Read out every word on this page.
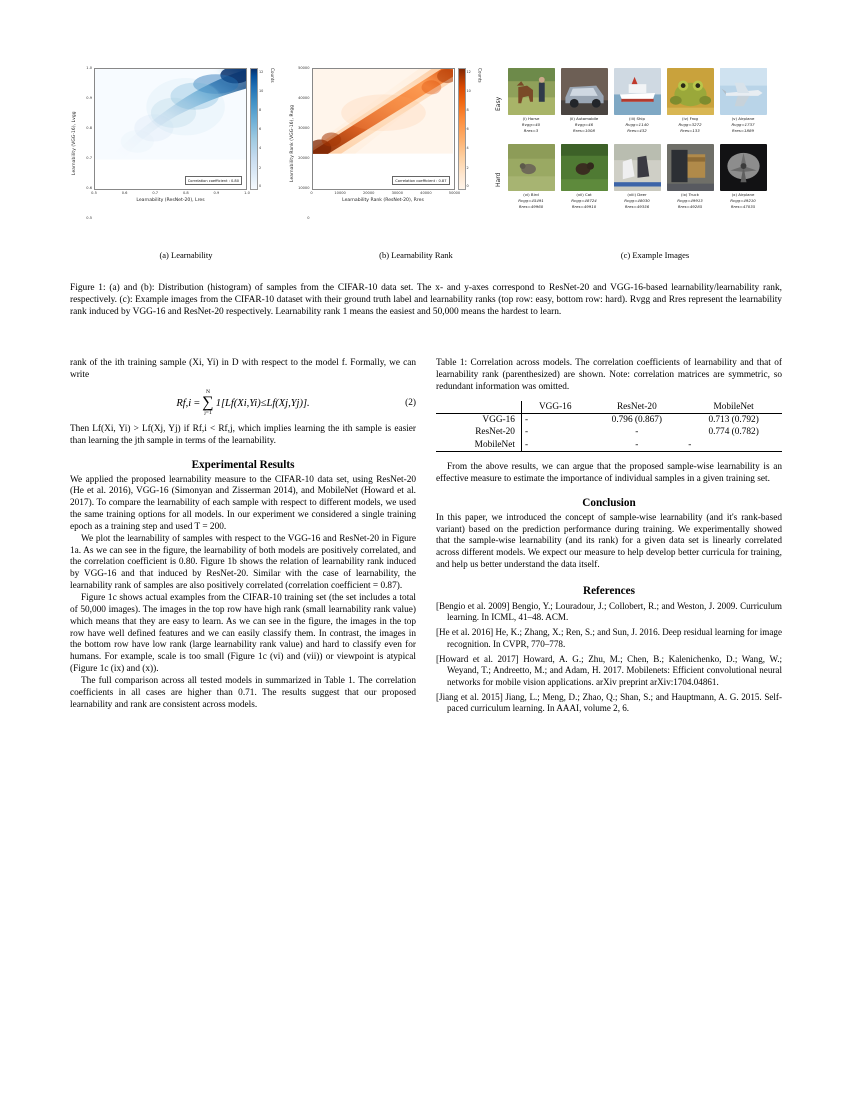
Learnability (VGG-16), Lvgg
1.0
0.9
0.8
0.7
0.6
0.5
Correlation coefficient : 0.80
0.5	0.6	0.7	0.8	0.9	1.0
Learnability (ResNet-20), Lres
12
10
8
6
4
2
0
Counts
Learnability Rank (VGG-16), Rvgg
50000
40000
30000
20000
10000
0
Correlation coefficient : 0.87
0	10000	20000	30000	40000	50000
Learnability Rank (ResNet-20), Rres
12
10
8
6
4
2
0
Counts
Easy
Hard
(i) Horse
Rvgg=40
Rres=3
(ii) Automobile
Rvgg=46
Rres=1008
(iii) Ship
Rvgg=1140
Rres=432
(iv) Frog
Rvgg=3272
Rres=133
(v) Airplane
Rvgg=1737
Rres=1889
(vi) Bird
Rvgg=45491
Rres=49960
(vii) Cat
Rvgg=48724
Rres=49910
(viii) Deer
Rvgg=48030
Rres=49356
(ix) Truck
Rvgg=49913
Rres=49285
(x) Airplane
Rvgg=49210
Rres=47035
(a) Learnability	(b) Learnability Rank	(c) Example Images
Figure 1: (a) and (b): Distribution (histogram) of samples from the CIFAR-10 data set. The x- and y-axes correspond to ResNet-20 and VGG-16-based learnability/learnability rank, respectively. (c): Example images from the CIFAR-10 dataset with their ground truth label and learnability ranks (top row: easy, bottom row: hard). Rvgg and Rres represent the learnability rank induced by VGG-16 and ResNet-20 respectively. Learnability rank 1 means the easiest and 50,000 means the hardest to learn.

rank of the ith training sample (Xi, Yi) in D with respect to the model f. Formally, we can write

Rf,i =
N
∑
j=1
1[Lf(Xi,Yi)≤Lf(Xj,Yj)].	(2)

Then Lf(Xi, Yi) > Lf(Xj, Yj) if Rf,i < Rf,j, which implies learning the ith sample is easier than learning the jth sample in terms of the learnability.

Experimental Results

We applied the proposed learnability measure to the CIFAR-10 data set, using ResNet-20 (He et al. 2016), VGG-16 (Simonyan and Zisserman 2014), and MobileNet (Howard et al. 2017). To compare the learnability of each sample with respect to different models, we used the same training options for all models. In our experiment we considered a single training epoch as a training step and used T = 200.

We plot the learnability of samples with respect to the VGG-16 and ResNet-20 in Figure 1a. As we can see in the figure, the learnability of both models are positively correlated, and the correlation coefficient is 0.80. Figure 1b shows the relation of learnability rank induced by VGG-16 and that induced by ResNet-20. Similar with the case of learnability, the learnability rank of samples are also positively correlated (correlation coefficient = 0.87).

Figure 1c shows actual examples from the CIFAR-10 training set (the set includes a total of 50,000 images). The images in the top row have high rank (small learnability rank value) which means that they are easy to learn. As we can see in the figure, the images in the top row have well defined features and we can easily classify them. In contrast, the images in the bottom row have low rank (large learnability rank value) and hard to classify even for humans. For example, scale is too small (Figure 1c (vi) and (vii)) or viewpoint is atypical (Figure 1c (ix) and (x)).

The full comparison across all tested models in summarized in Table 1. The correlation coefficients in all cases are higher than 0.71. The results suggest that our proposed learnability and rank are consistent across models.

Table 1: Correlation across models. The correlation coefficients of learnability and that of learnability rank (parenthesized) are shown. Note: correlation matrices are symmetric, so redundant information was omitted.

	VGG-16	ResNet-20	MobileNet
VGG-16	-	0.796 (0.867)	0.713 (0.792)
ResNet-20	-	-	0.774 (0.782)
MobileNet	-	-	-

From the above results, we can argue that the proposed sample-wise learnability is an effective measure to estimate the importance of individual samples in a given training set.

Conclusion

In this paper, we introduced the concept of sample-wise learnability (and it's rank-based variant) based on the prediction performance during training. We experimentally showed that the sample-wise learnability (and its rank) for a given data set is linearly correlated across different models. We expect our measure to help develop better curricula for training, and help us better understand the data itself.

References

[Bengio et al. 2009] Bengio, Y.; Louradour, J.; Collobert, R.; and Weston, J. 2009. Curriculum learning. In ICML, 41–48. ACM.

[He et al. 2016] He, K.; Zhang, X.; Ren, S.; and Sun, J. 2016. Deep residual learning for image recognition. In CVPR, 770–778.

[Howard et al. 2017] Howard, A. G.; Zhu, M.; Chen, B.; Kalenichenko, D.; Wang, W.; Weyand, T.; Andreetto, M.; and Adam, H. 2017. Mobilenets: Efficient convolutional neural networks for mobile vision applications. arXiv preprint arXiv:1704.04861.

[Jiang et al. 2015] Jiang, L.; Meng, D.; Zhao, Q.; Shan, S.; and Hauptmann, A. G. 2015. Self-paced curriculum learning. In AAAI, volume 2, 6.
